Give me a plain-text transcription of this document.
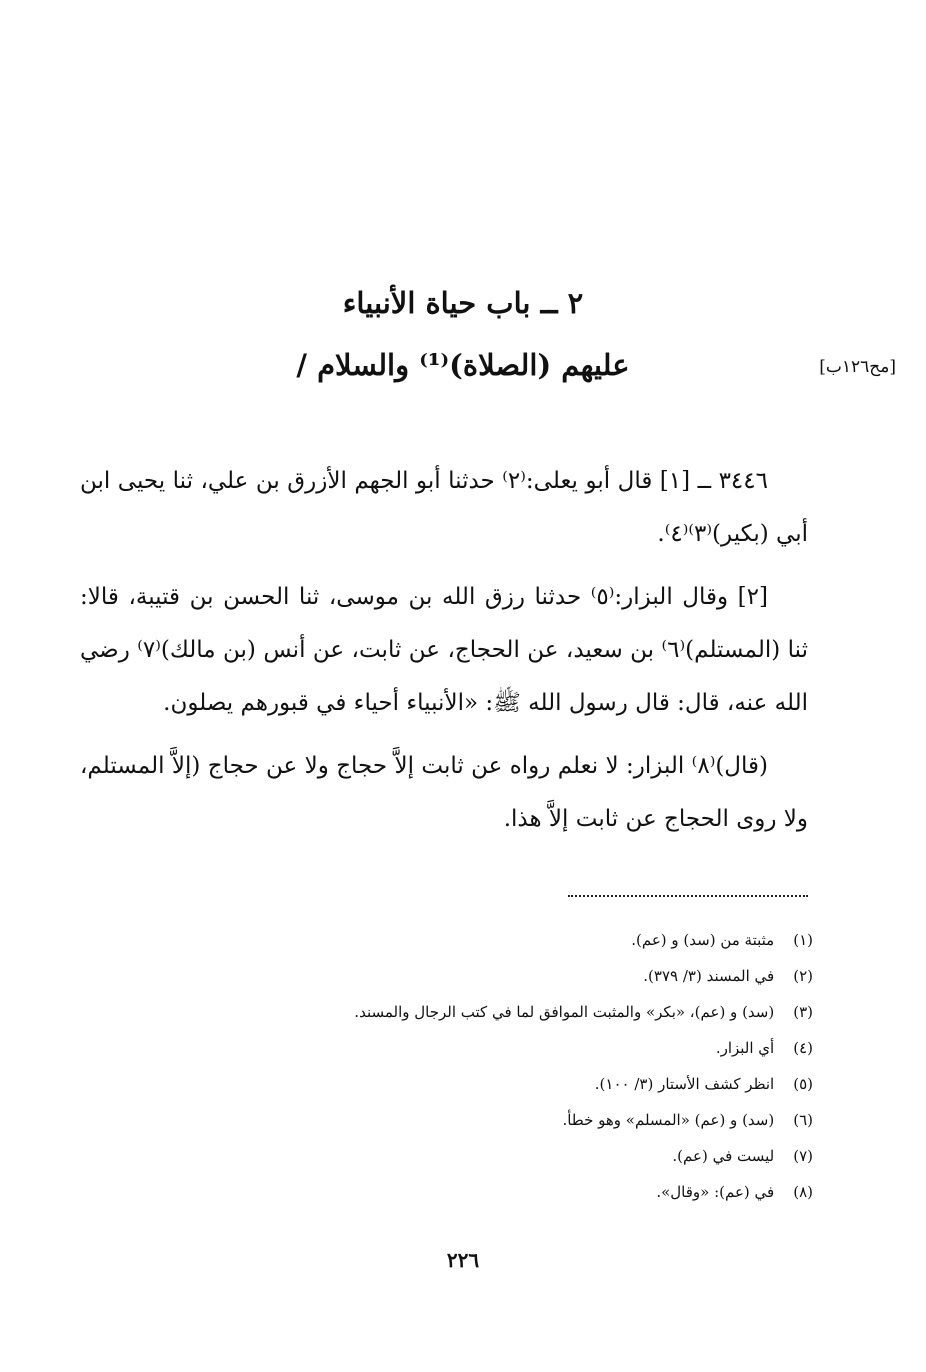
٢ ــ باب حياة الأنبياء
عليهم (الصلاة)⁽¹⁾ والسلام /	[مح١٢٦ب]

٣٤٤٦ ــ [١] قال أبو يعلى:⁽٢⁾ حدثنا أبو الجهم الأزرق بن علي، ثنا يحيى ابن أبي (بكير)⁽٣⁾⁽٤⁾.

[٢] وقال البزار:⁽٥⁾ حدثنا رزق الله بن موسى، ثنا الحسن بن قتيبة، قالا: ثنا (المستلم)⁽٦⁾ بن سعيد، عن الحجاج، عن ثابت، عن أنس (بن مالك)⁽٧⁾ رضي الله عنه، قال: قال رسول الله ﷺ: «الأنبياء أحياء في قبورهم يصلون.

(قال)⁽٨⁾ البزار: لا نعلم رواه عن ثابت إلاَّ حجاج ولا عن حجاج (إلاَّ المستلم، ولا روى الحجاج عن ثابت إلاَّ هذا.

(١) مثبتة من (سد) و (عم).
(٢) في المسند (٣/ ٣٧٩).
(٣) (سد) و (عم)، «بكر» والمثبت الموافق لما في كتب الرجال والمسند.
(٤) أي البزار.
(٥) انظر كشف الأستار (٣/ ١٠٠).
(٦) (سد) و (عم) «المسلم» وهو خطأ.
(٧) ليست في (عم).
(٨) في (عم): «وقال».
٢٢٦
